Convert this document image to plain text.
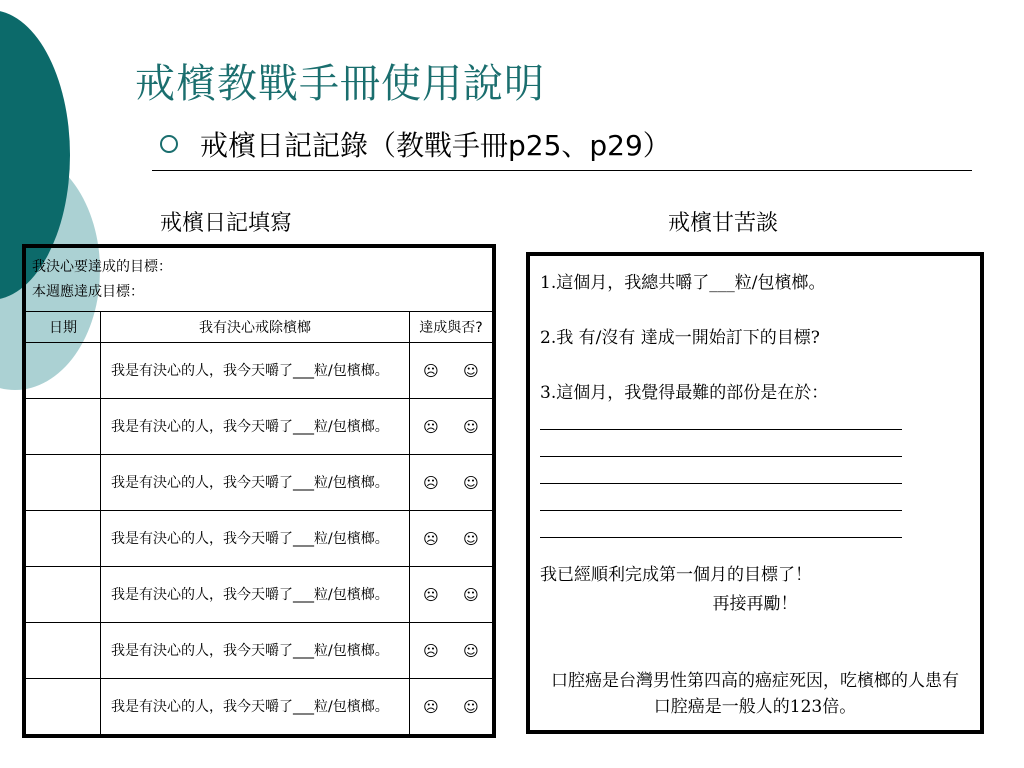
戒檳教戰手冊使用說明
戒檳日記記錄（教戰手冊p25、p29）
戒檳日記填寫	戒檳甘苦談
我決心要達成的目標：
本週應達成目標：
日期	我有決心戒除檳榔	達成與否?
	我是有決心的人，我今天嚼了___粒/包檳榔。	☹ ☺

	我是有決心的人，我今天嚼了___粒/包檳榔。	☹ ☺

	我是有決心的人，我今天嚼了___粒/包檳榔。	☹ ☺

	我是有決心的人，我今天嚼了___粒/包檳榔。	☹ ☺

	我是有決心的人，我今天嚼了___粒/包檳榔。	☹ ☺

	我是有決心的人，我今天嚼了___粒/包檳榔。	☹ ☺

	我是有決心的人，我今天嚼了___粒/包檳榔。	☹ ☺

1.這個月，我總共嚼了___粒/包檳榔。

2.我 有/沒有 達成一開始訂下的目標?

3.這個月，我覺得最難的部份是在於：

我已經順利完成第一個月的目標了！

再接再勵！

口腔癌是台灣男性第四高的癌症死因，吃檳榔的人患有口腔癌是一般人的123倍。
